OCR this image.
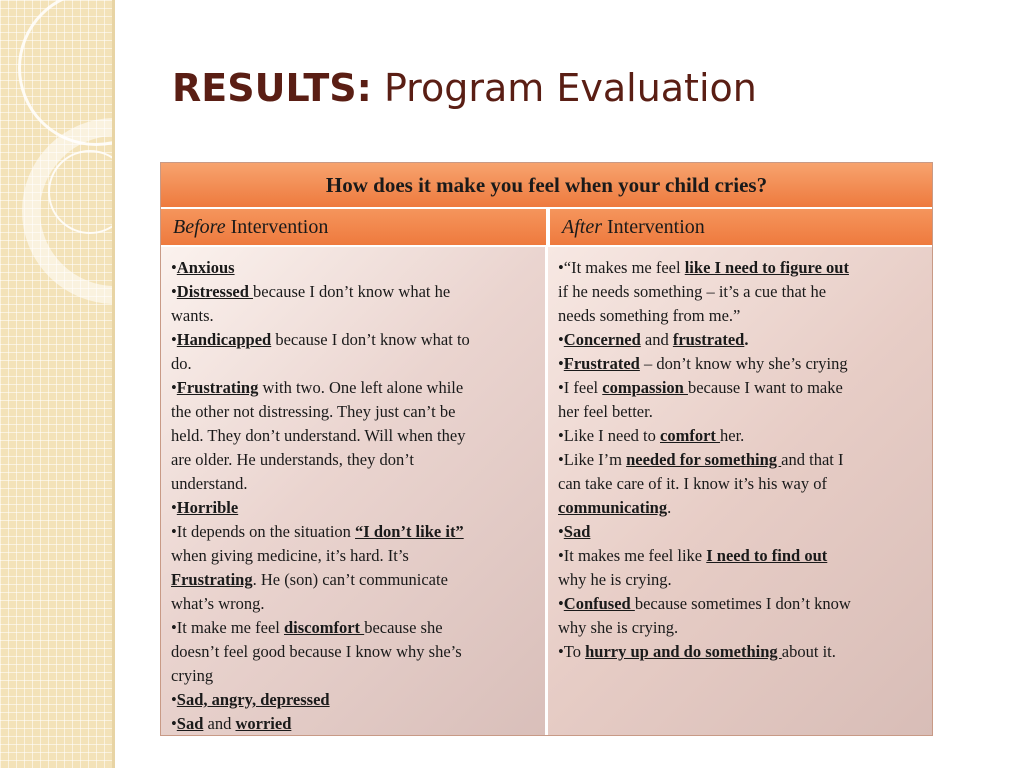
RESULTS: Program Evaluation
How does it make you feel when your child cries?
Before Intervention	After Intervention
•Anxious
•Distressed because I don’t know what he
wants.
•Handicapped because I don’t know what to
do.
•Frustrating with two. One left alone while
the other not distressing. They just can’t be
held. They don’t understand. Will when they
are older. He understands, they don’t
understand.
•Horrible
•It depends on the situation “I don’t like it”
when giving medicine, it’s hard. It’s
Frustrating. He (son) can’t communicate
what’s wrong.
•It make me feel discomfort because she
doesn’t feel good because I know why she’s
crying
•Sad, angry, depressed
•Sad and worried
•“It makes me feel like I need to figure out
if he needs something – it’s a cue that he
needs something from me.”
•Concerned and frustrated.
•Frustrated – don’t know why she’s crying
•I feel compassion because I want to make
her feel better.
•Like I need to comfort her.
•Like I’m needed for something and that I
can take care of it. I know it’s his way of
communicating.
•Sad
•It makes me feel like I need to find out
why he is crying.
•Confused because sometimes I don’t know
why she is crying.
•To hurry up and do something about it.
